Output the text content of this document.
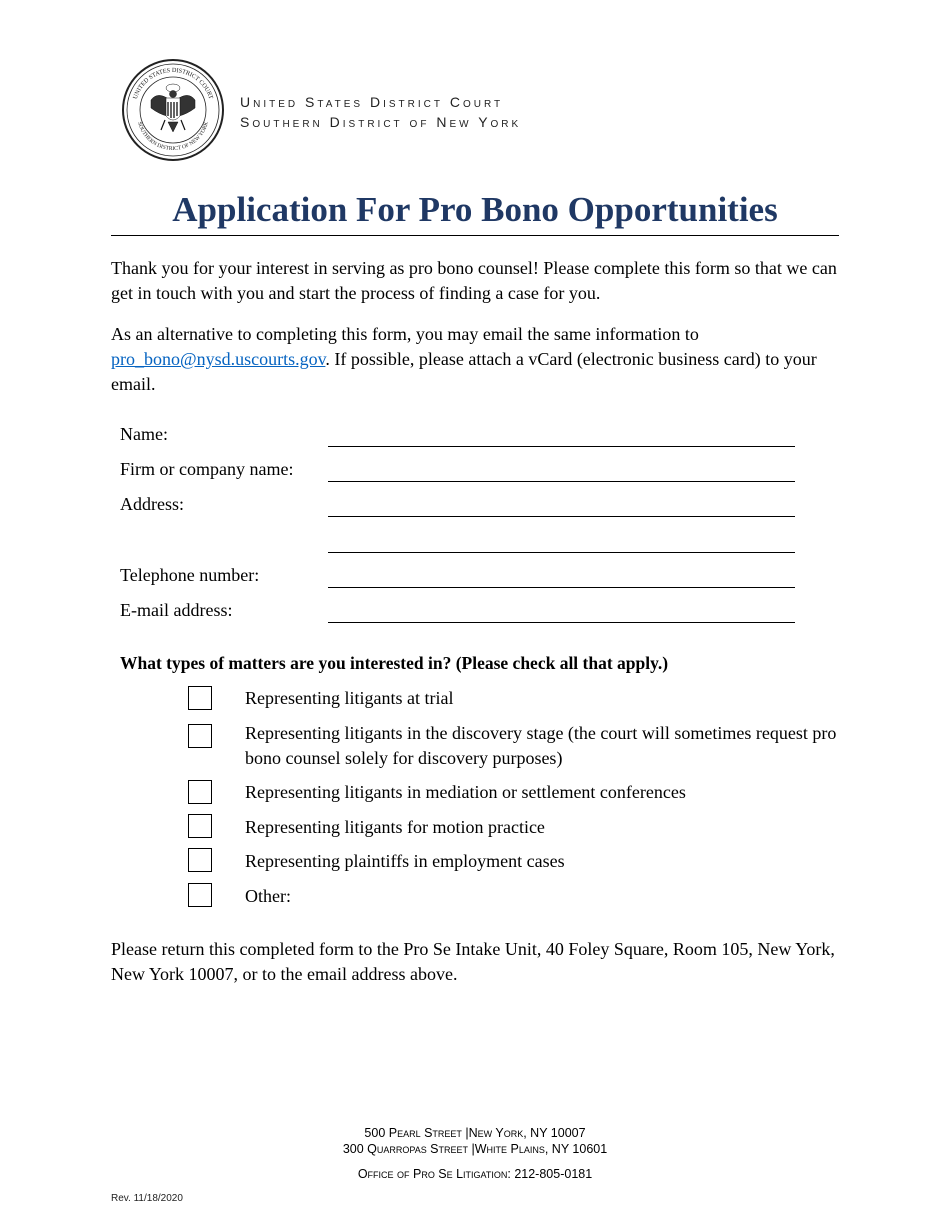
UNITED STATES DISTRICT COURT
SOUTHERN DISTRICT OF NEW YORK
United States District Court
Southern District of New York
Application For Pro Bono Opportunities

Thank you for your interest in serving as pro bono counsel! Please complete this form so that we can get in touch with you and start the process of finding a case for you.

As an alternative to completing this form, you may email the same information to pro_bono@nysd.uscourts.gov. If possible, please attach a vCard (electronic business card) to your email.

Name:
Firm or company name:
Address:
Telephone number:
E-mail address:
What types of matters are you interested in? (Please check all that apply.)
Representing litigants at trial
Representing litigants in the discovery stage (the court will sometimes request pro bono counsel solely for discovery purposes)
Representing litigants in mediation or settlement conferences
Representing litigants for motion practice
Representing plaintiffs in employment cases
Other:

Please return this completed form to the Pro Se Intake Unit, 40 Foley Square, Room 105, New York, New York 10007, or to the email address above.

500 Pearl Street |New York, NY 10007
300 Quarropas Street |White Plains, NY 10601
Office of Pro Se Litigation: 212-805-0181
Rev. 11/18/2020
